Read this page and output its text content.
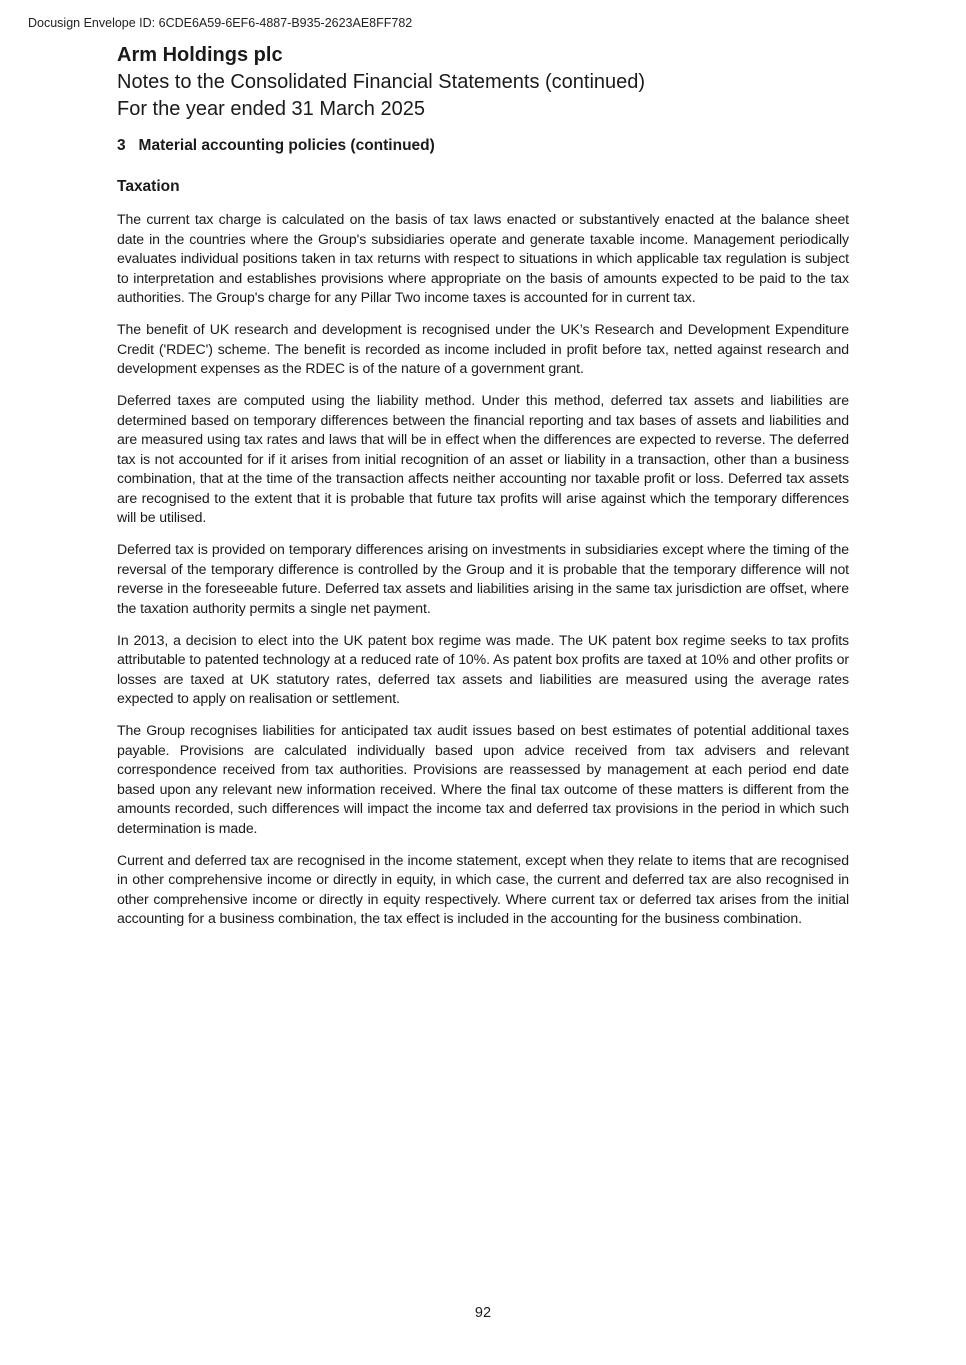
Docusign Envelope ID: 6CDE6A59-6EF6-4887-B935-2623AE8FF782
Arm Holdings plc
Notes to the Consolidated Financial Statements (continued)
For the year ended 31 March 2025
3   Material accounting policies (continued)
Taxation

The current tax charge is calculated on the basis of tax laws enacted or substantively enacted at the balance sheet date in the countries where the Group's subsidiaries operate and generate taxable income. Management periodically evaluates individual positions taken in tax returns with respect to situations in which applicable tax regulation is subject to interpretation and establishes provisions where appropriate on the basis of amounts expected to be paid to the tax authorities. The Group's charge for any Pillar Two income taxes is accounted for in current tax.

The benefit of UK research and development is recognised under the UK’s Research and Development Expenditure Credit ('RDEC') scheme. The benefit is recorded as income included in profit before tax, netted against research and development expenses as the RDEC is of the nature of a government grant.

Deferred taxes are computed using the liability method. Under this method, deferred tax assets and liabilities are determined based on temporary differences between the financial reporting and tax bases of assets and liabilities and are measured using tax rates and laws that will be in effect when the differences are expected to reverse. The deferred tax is not accounted for if it arises from initial recognition of an asset or liability in a transaction, other than a business combination, that at the time of the transaction affects neither accounting nor taxable profit or loss. Deferred tax assets are recognised to the extent that it is probable that future tax profits will arise against which the temporary differences will be utilised.

Deferred tax is provided on temporary differences arising on investments in subsidiaries except where the timing of the reversal of the temporary difference is controlled by the Group and it is probable that the temporary difference will not reverse in the foreseeable future. Deferred tax assets and liabilities arising in the same tax jurisdiction are offset, where the taxation authority permits a single net payment.

In 2013, a decision to elect into the UK patent box regime was made. The UK patent box regime seeks to tax profits attributable to patented technology at a reduced rate of 10%. As patent box profits are taxed at 10% and other profits or losses are taxed at UK statutory rates, deferred tax assets and liabilities are measured using the average rates expected to apply on realisation or settlement.

The Group recognises liabilities for anticipated tax audit issues based on best estimates of potential additional taxes payable. Provisions are calculated individually based upon advice received from tax advisers and relevant correspondence received from tax authorities. Provisions are reassessed by management at each period end date based upon any relevant new information received. Where the final tax outcome of these matters is different from the amounts recorded, such differences will impact the income tax and deferred tax provisions in the period in which such determination is made.

Current and deferred tax are recognised in the income statement, except when they relate to items that are recognised in other comprehensive income or directly in equity, in which case, the current and deferred tax are also recognised in other comprehensive income or directly in equity respectively. Where current tax or deferred tax arises from the initial accounting for a business combination, the tax effect is included in the accounting for the business combination.

92
